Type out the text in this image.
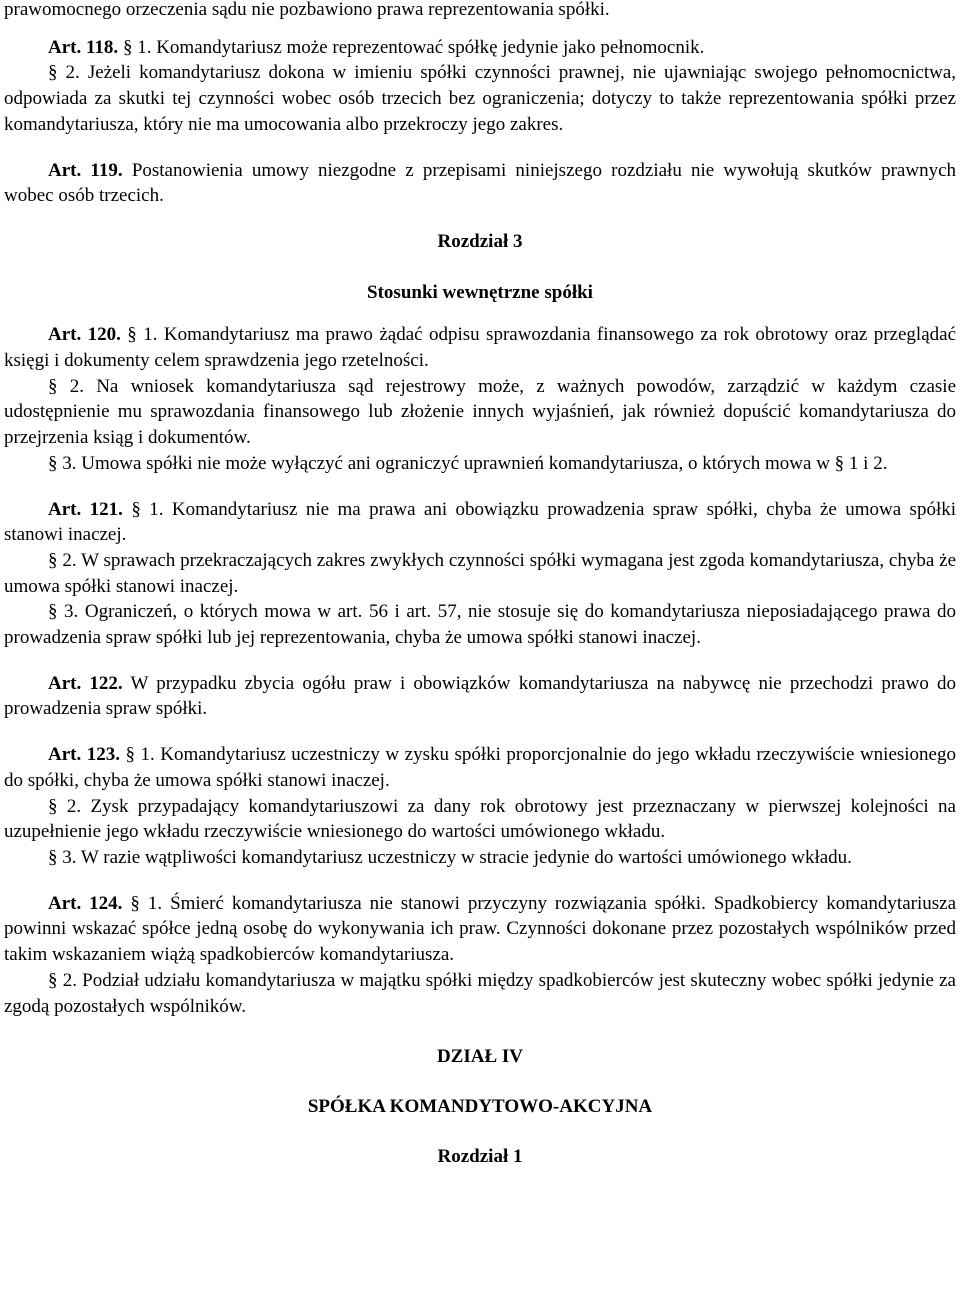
prawomocnego orzeczenia sądu nie pozbawiono prawa reprezentowania spółki.

Art. 118. § 1. Komandytariusz może reprezentować spółkę jedynie jako pełnomocnik.

§ 2. Jeżeli komandytariusz dokona w imieniu spółki czynności prawnej, nie ujawniając swojego pełnomocnictwa, odpowiada za skutki tej czynności wobec osób trzecich bez ograniczenia; dotyczy to także reprezentowania spółki przez komandytariusza, który nie ma umocowania albo przekroczy jego zakres.

Art. 119. Postanowienia umowy niezgodne z przepisami niniejszego rozdziału nie wywołują skutków prawnych wobec osób trzecich.

Rozdział 3

Stosunki wewnętrzne spółki

Art. 120. § 1. Komandytariusz ma prawo żądać odpisu sprawozdania finansowego za rok obrotowy oraz przeglądać księgi i dokumenty celem sprawdzenia jego rzetelności.

§ 2. Na wniosek komandytariusza sąd rejestrowy może, z ważnych powodów, zarządzić w każdym czasie udostępnienie mu sprawozdania finansowego lub złożenie innych wyjaśnień, jak również dopuścić komandytariusza do przejrzenia ksiąg i dokumentów.

§ 3. Umowa spółki nie może wyłączyć ani ograniczyć uprawnień komandytariusza, o których mowa w § 1 i 2.

Art. 121. § 1. Komandytariusz nie ma prawa ani obowiązku prowadzenia spraw spółki, chyba że umowa spółki stanowi inaczej.

§ 2. W sprawach przekraczających zakres zwykłych czynności spółki wymagana jest zgoda komandytariusza, chyba że umowa spółki stanowi inaczej.

§ 3. Ograniczeń, o których mowa w art. 56 i art. 57, nie stosuje się do komandytariusza nieposiadającego prawa do prowadzenia spraw spółki lub jej reprezentowania, chyba że umowa spółki stanowi inaczej.

Art. 122. W przypadku zbycia ogółu praw i obowiązków komandytariusza na nabywcę nie przechodzi prawo do prowadzenia spraw spółki.

Art. 123. § 1. Komandytariusz uczestniczy w zysku spółki proporcjonalnie do jego wkładu rzeczywiście wniesionego do spółki, chyba że umowa spółki stanowi inaczej.

§ 2. Zysk przypadający komandytariuszowi za dany rok obrotowy jest przeznaczany w pierwszej kolejności na uzupełnienie jego wkładu rzeczywiście wniesionego do wartości umówionego wkładu.

§ 3. W razie wątpliwości komandytariusz uczestniczy w stracie jedynie do wartości umówionego wkładu.

Art. 124. § 1. Śmierć komandytariusza nie stanowi przyczyny rozwiązania spółki. Spadkobiercy komandytariusza powinni wskazać spółce jedną osobę do wykonywania ich praw. Czynności dokonane przez pozostałych wspólników przed takim wskazaniem wiążą spadkobierców komandytariusza.

§ 2. Podział udziału komandytariusza w majątku spółki między spadkobierców jest skuteczny wobec spółki jedynie za zgodą pozostałych wspólników.

DZIAŁ IV

SPÓŁKA KOMANDYTOWO-AKCYJNA

Rozdział 1
